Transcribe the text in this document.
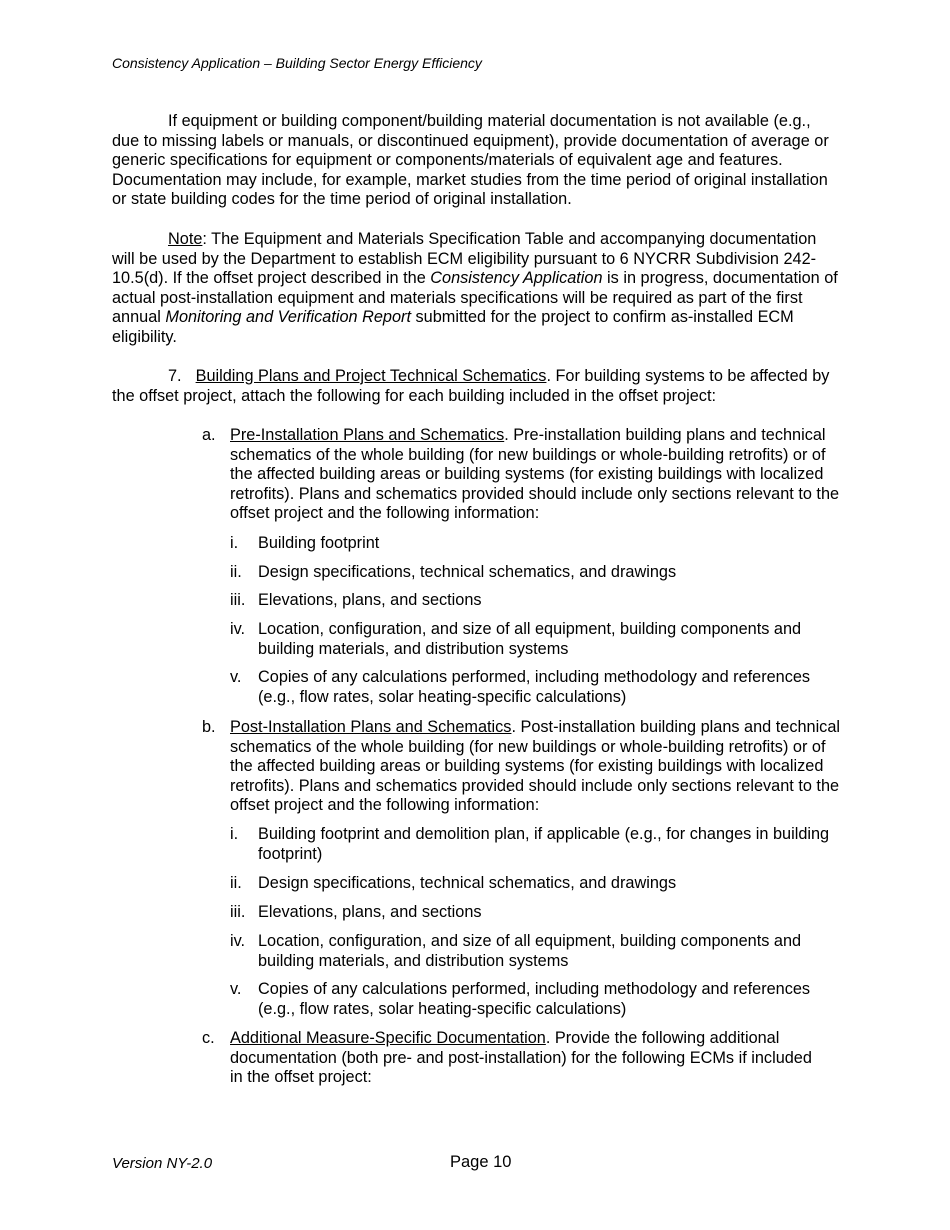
Consistency Application – Building Sector Energy Efficiency

If equipment or building component/building material documentation is not available (e.g., due to missing labels or manuals, or discontinued equipment), provide documentation of average or generic specifications for equipment or components/materials of equivalent age and features. Documentation may include, for example, market studies from the time period of original installation or state building codes for the time period of original installation.

Note: The Equipment and Materials Specification Table and accompanying documentation will be used by the Department to establish ECM eligibility pursuant to 6 NYCRR Subdivision 242-10.5(d). If the offset project described in the Consistency Application is in progress, documentation of actual post-installation equipment and materials specifications will be required as part of the first annual Monitoring and Verification Report submitted for the project to confirm as-installed ECM eligibility.

7. Building Plans and Project Technical Schematics. For building systems to be affected by the offset project, attach the following for each building included in the offset project:

a. Pre-Installation Plans and Schematics. Pre-installation building plans and technical schematics of the whole building (for new buildings or whole-building retrofits) or of the affected building areas or building systems (for existing buildings with localized retrofits). Plans and schematics provided should include only sections relevant to the offset project and the following information:
i. Building footprint
ii. Design specifications, technical schematics, and drawings
iii. Elevations, plans, and sections
iv. Location, configuration, and size of all equipment, building components and building materials, and distribution systems
v. Copies of any calculations performed, including methodology and references (e.g., flow rates, solar heating-specific calculations)
b. Post-Installation Plans and Schematics. Post-installation building plans and technical schematics of the whole building (for new buildings or whole-building retrofits) or of the affected building areas or building systems (for existing buildings with localized retrofits). Plans and schematics provided should include only sections relevant to the offset project and the following information:
i. Building footprint and demolition plan, if applicable (e.g., for changes in building footprint)
ii. Design specifications, technical schematics, and drawings
iii. Elevations, plans, and sections
iv. Location, configuration, and size of all equipment, building components and building materials, and distribution systems
v. Copies of any calculations performed, including methodology and references (e.g., flow rates, solar heating-specific calculations)
c. Additional Measure-Specific Documentation. Provide the following additional documentation (both pre- and post-installation) for the following ECMs if included in the offset project:
Version NY-2.0	Page 10
